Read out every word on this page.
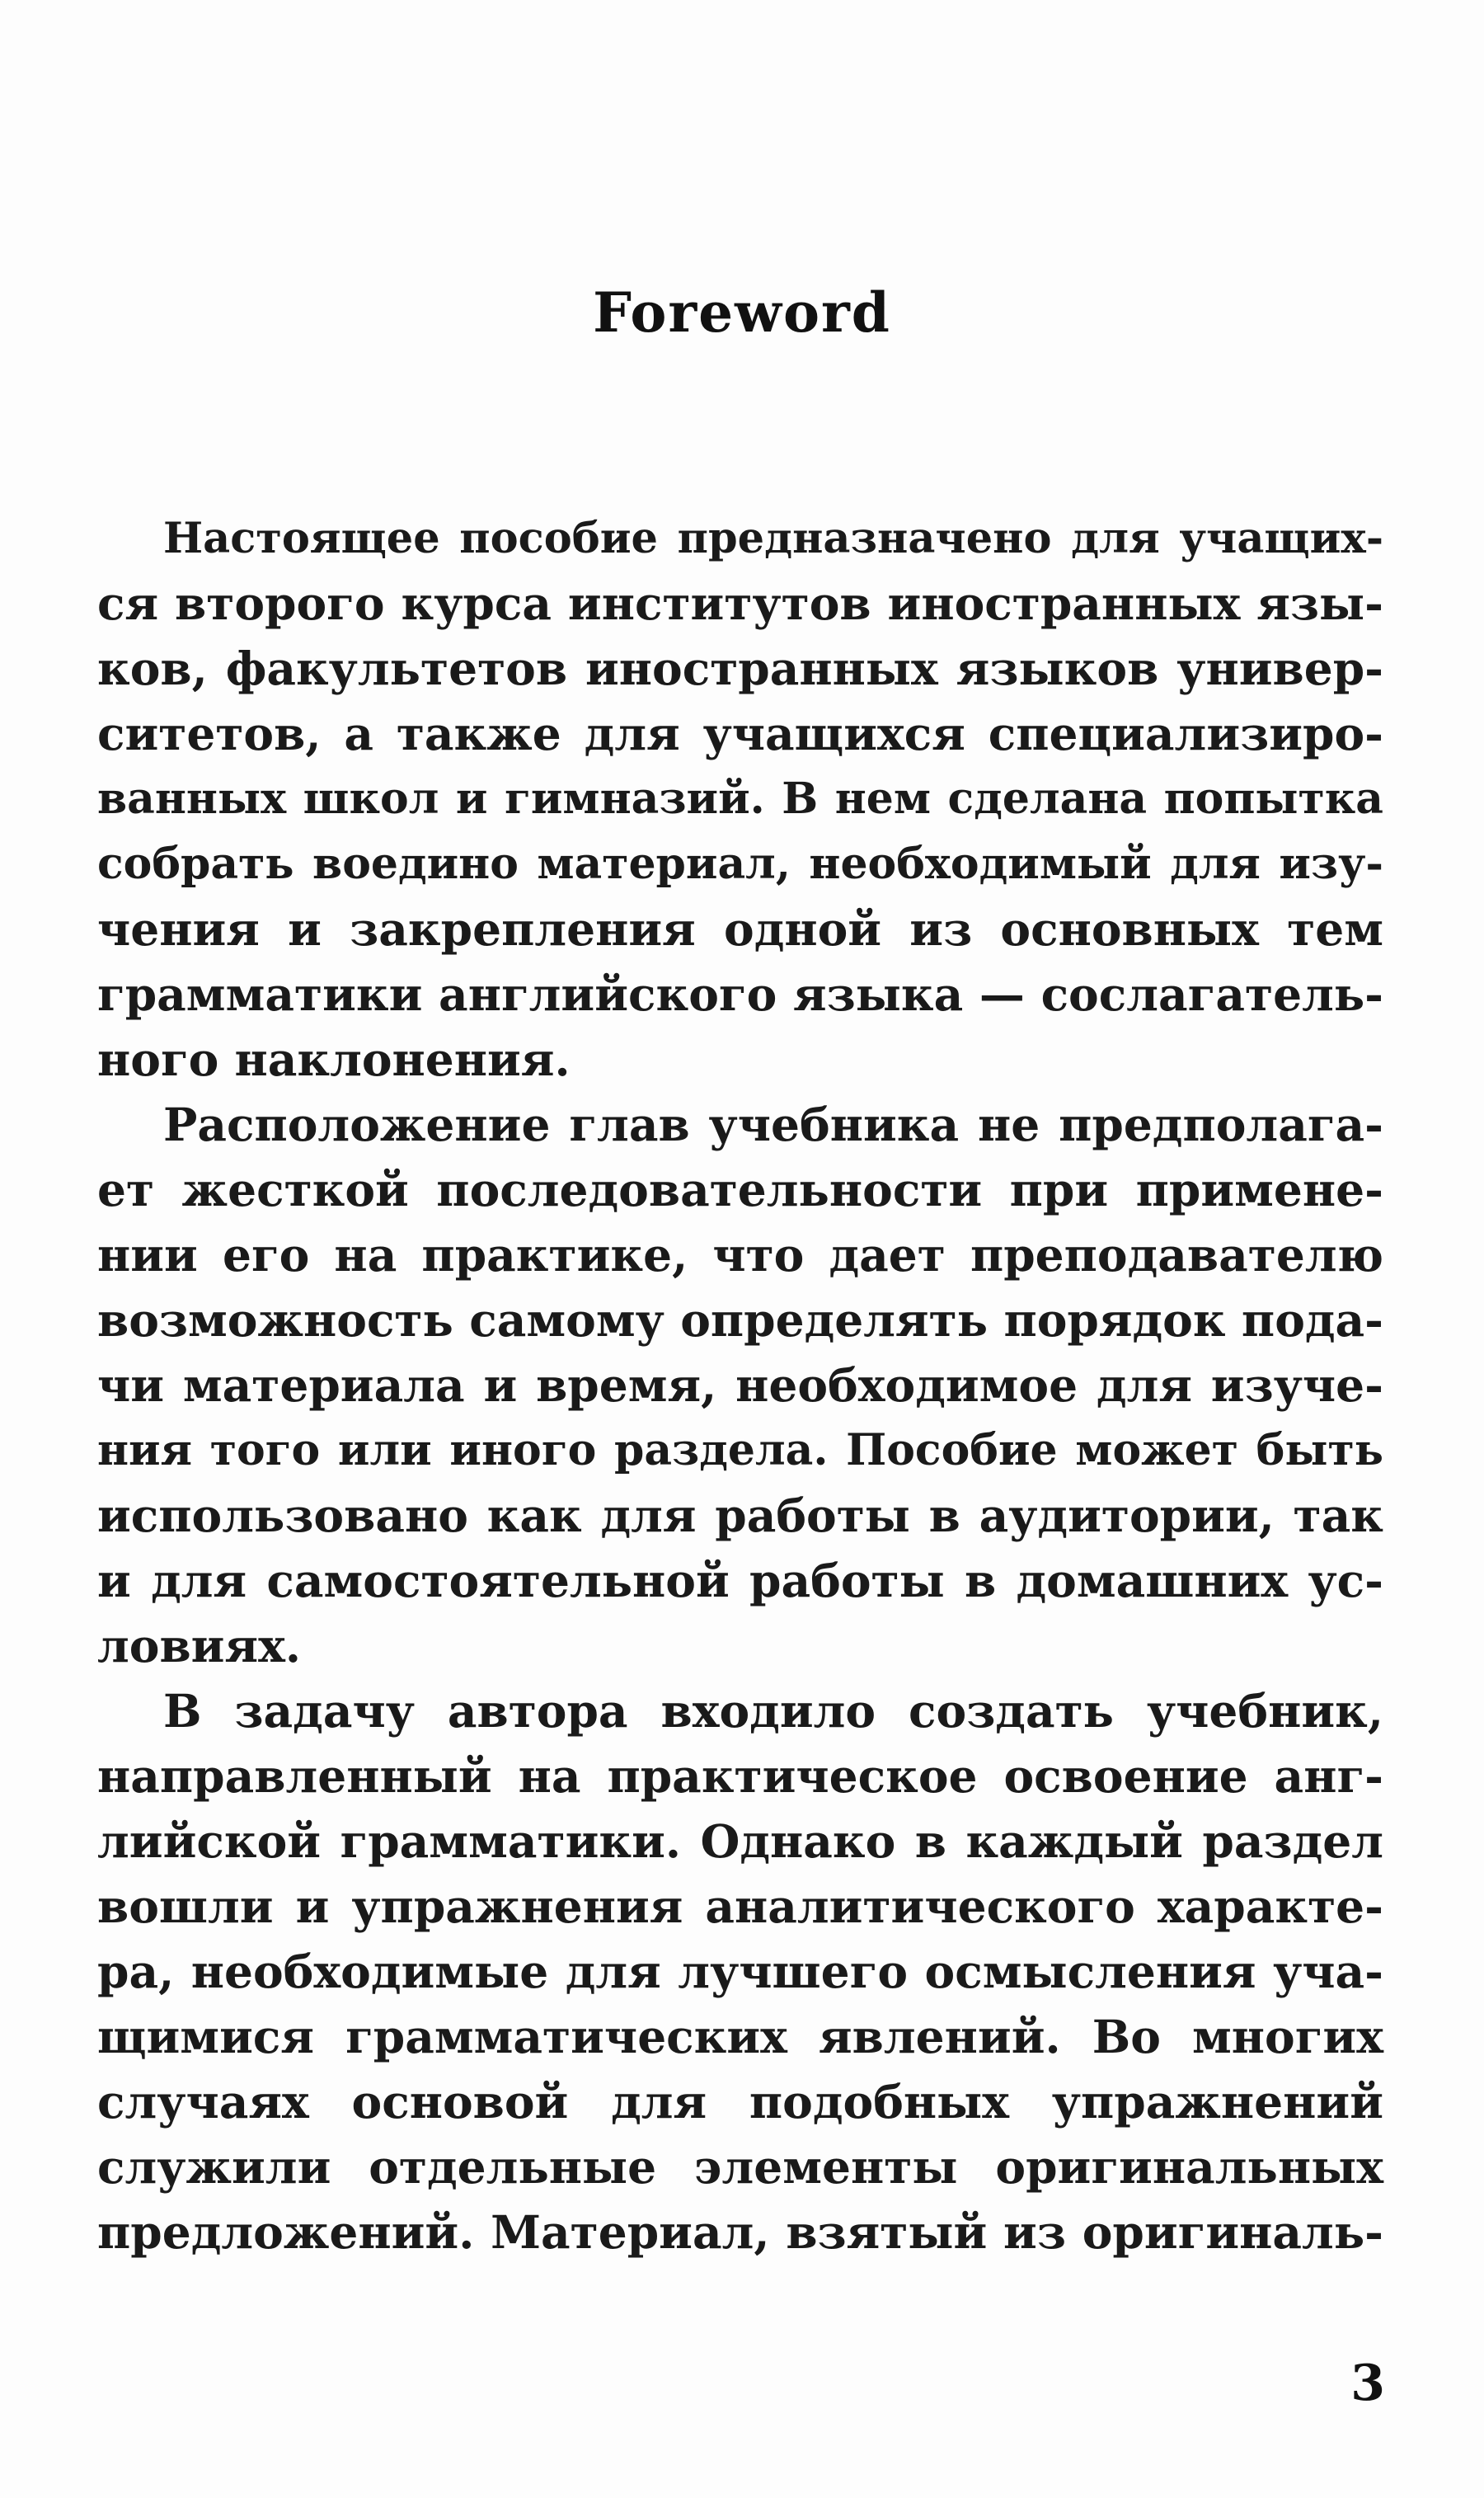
Foreword
Настоящее пособие предназначено для учащих-
ся второго курса институтов иностранных язы-
ков, факультетов иностранных языков универ-
ситетов, а также для учащихся специализиро-
ванных школ и гимназий. В нем сделана попытка
собрать воедино материал, необходимый для изу-
чения и закрепления одной из основных тем
грамматики английского языка — сослагатель-
ного наклонения.
Расположение глав учебника не предполага-
ет жесткой последовательности при примене-
нии его на практике, что дает преподавателю
возможность самому определять порядок пода-
чи материала и время, необходимое для изуче-
ния того или иного раздела. Пособие может быть
использовано как для работы в аудитории, так
и для самостоятельной работы в домашних ус-
ловиях.
В задачу автора входило создать учебник,
направленный на практическое освоение анг-
лийской грамматики. Однако в каждый раздел
вошли и упражнения аналитического характе-
ра, необходимые для лучшего осмысления уча-
щимися грамматических явлений. Во многих
случаях основой для подобных упражнений
служили отдельные элементы оригинальных
предложений. Материал, взятый из оригиналь-
3
